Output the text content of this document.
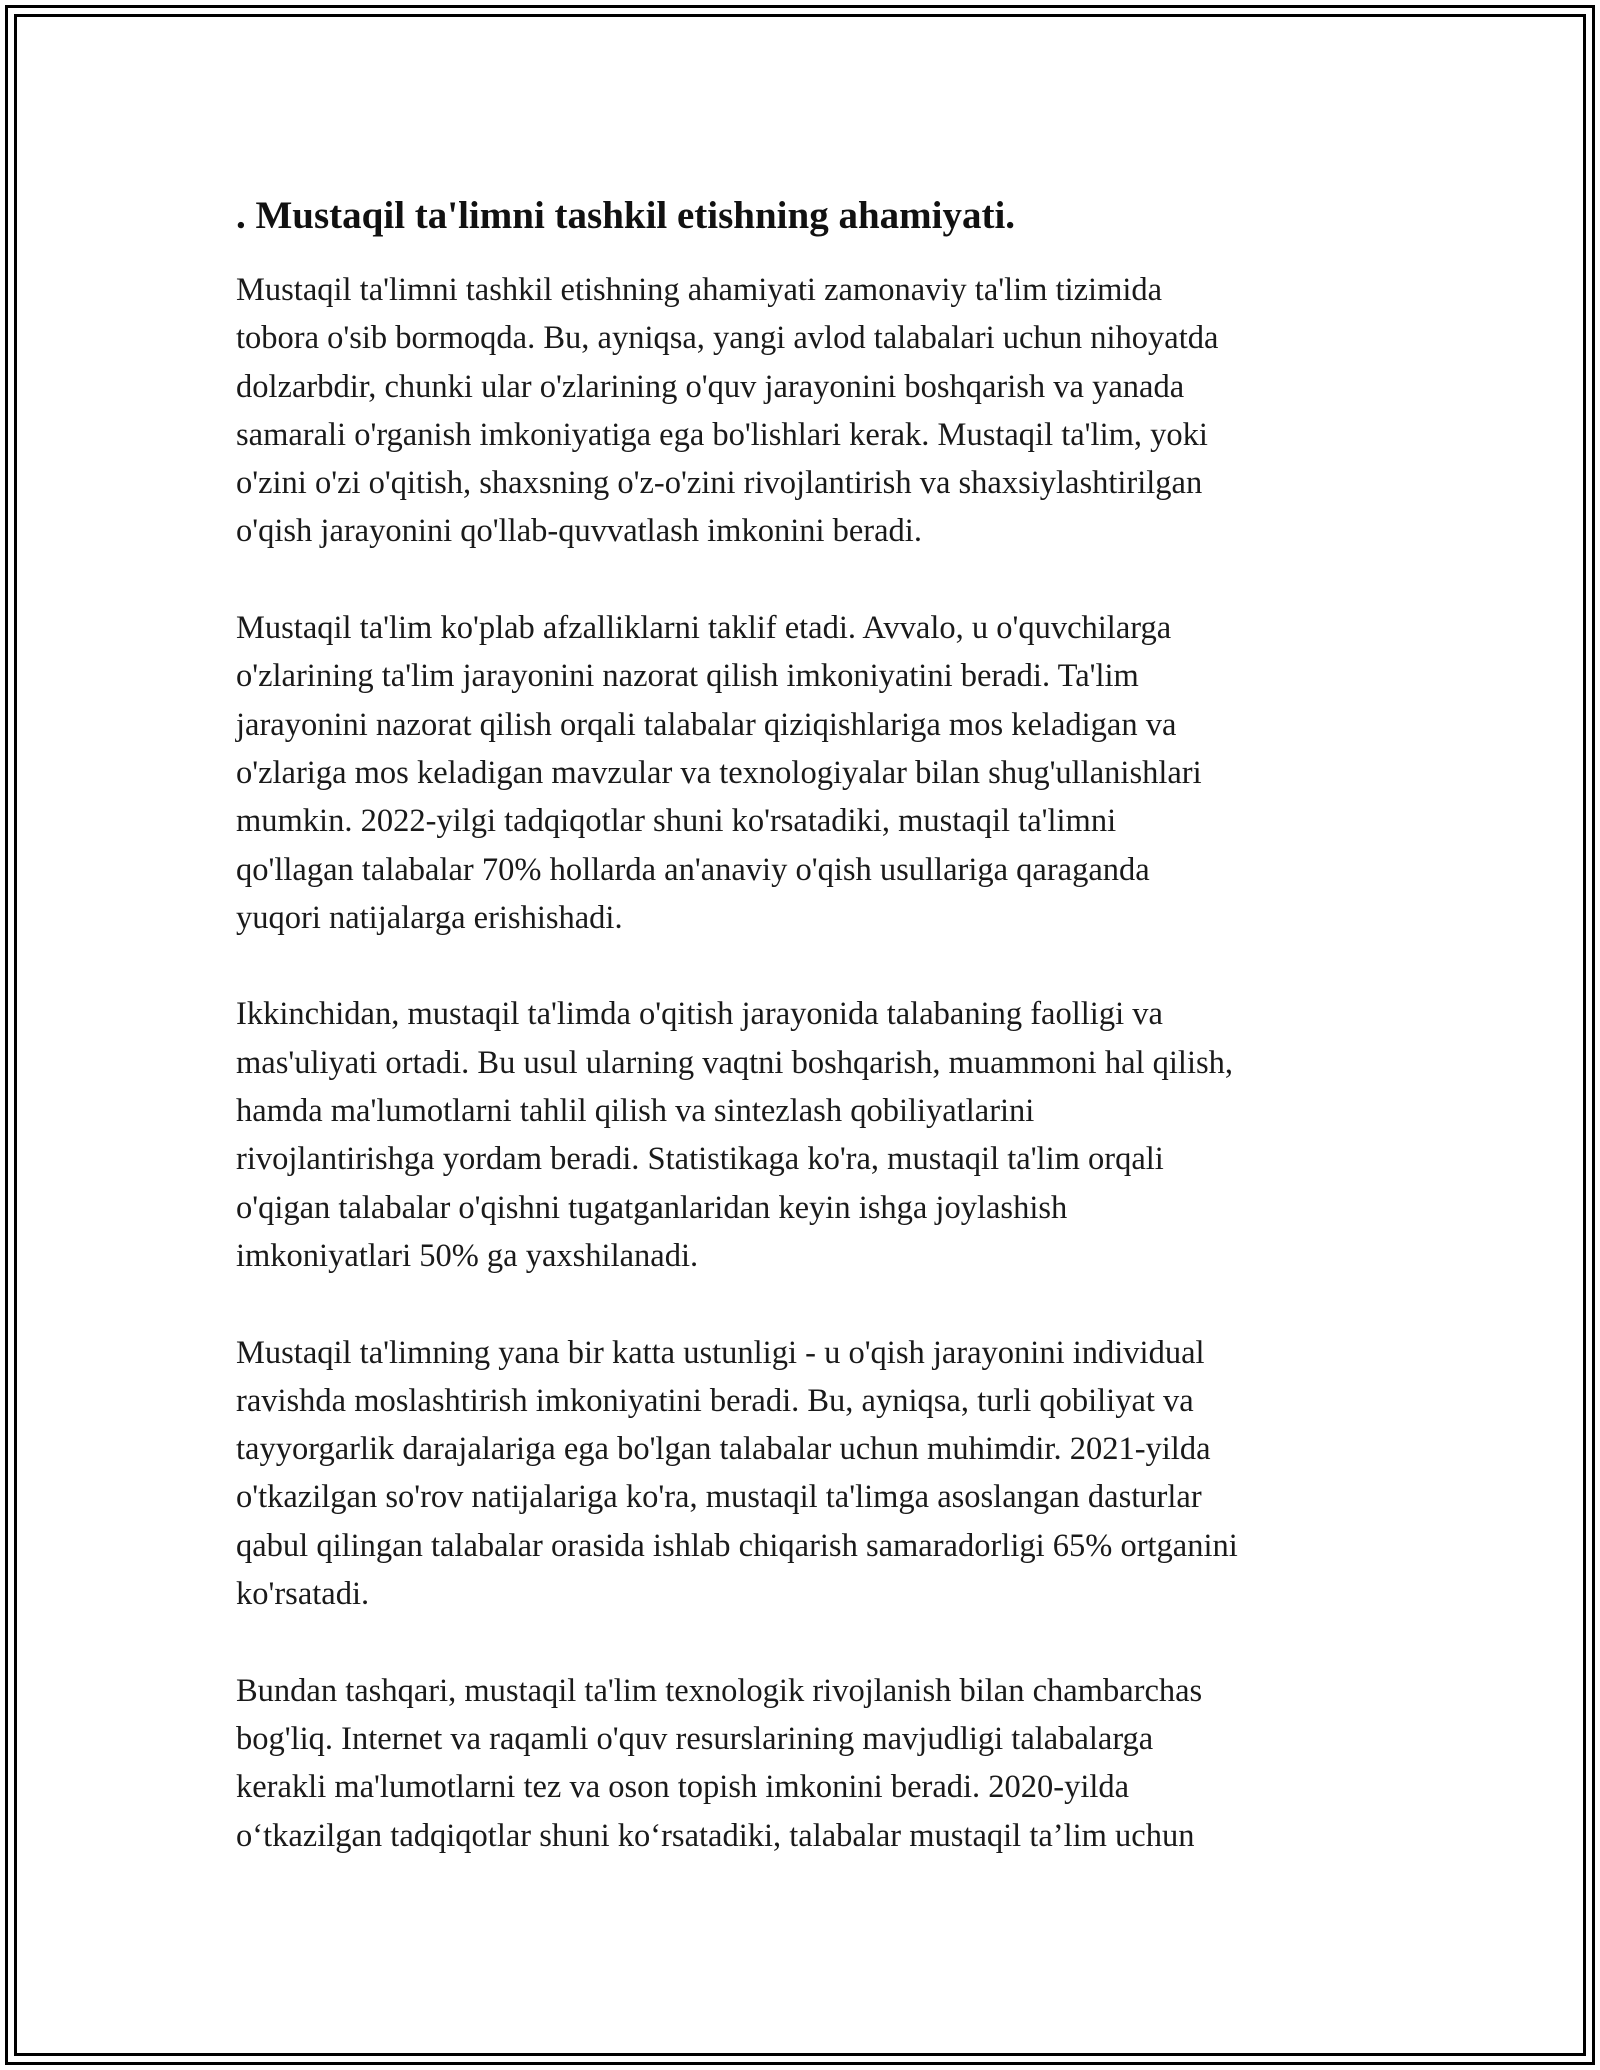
. Mustaqil ta'limni tashkil etishning ahamiyati.
Mustaqil ta'limni tashkil etishning ahamiyati zamonaviy ta'lim tizimida
tobora o'sib bormoqda. Bu, ayniqsa, yangi avlod talabalari uchun nihoyatda
dolzarbdir, chunki ular o'zlarining o'quv jarayonini boshqarish va yanada
samarali o'rganish imkoniyatiga ega bo'lishlari kerak. Mustaqil ta'lim, yoki
o'zini o'zi o'qitish, shaxsning o'z-o'zini rivojlantirish va shaxsiylashtirilgan
o'qish jarayonini qo'llab-quvvatlash imkonini beradi.
Mustaqil ta'lim ko'plab afzalliklarni taklif etadi. Avvalo, u o'quvchilarga
o'zlarining ta'lim jarayonini nazorat qilish imkoniyatini beradi. Ta'lim
jarayonini nazorat qilish orqali talabalar qiziqishlariga mos keladigan va
o'zlariga mos keladigan mavzular va texnologiyalar bilan shug'ullanishlari
mumkin. 2022-yilgi tadqiqotlar shuni ko'rsatadiki, mustaqil ta'limni
qo'llagan talabalar 70% hollarda an'anaviy o'qish usullariga qaraganda
yuqori natijalarga erishishadi.
Ikkinchidan, mustaqil ta'limda o'qitish jarayonida talabaning faolligi va
mas'uliyati ortadi. Bu usul ularning vaqtni boshqarish, muammoni hal qilish,
hamda ma'lumotlarni tahlil qilish va sintezlash qobiliyatlarini
rivojlantirishga yordam beradi. Statistikaga ko'ra, mustaqil ta'lim orqali
o'qigan talabalar o'qishni tugatganlaridan keyin ishga joylashish
imkoniyatlari 50% ga yaxshilanadi.
Mustaqil ta'limning yana bir katta ustunligi - u o'qish jarayonini individual
ravishda moslashtirish imkoniyatini beradi. Bu, ayniqsa, turli qobiliyat va
tayyorgarlik darajalariga ega bo'lgan talabalar uchun muhimdir. 2021-yilda
o'tkazilgan so'rov natijalariga ko'ra, mustaqil ta'limga asoslangan dasturlar
qabul qilingan talabalar orasida ishlab chiqarish samaradorligi 65% ortganini
ko'rsatadi.
Bundan tashqari, mustaqil ta'lim texnologik rivojlanish bilan chambarchas
bog'liq. Internet va raqamli o'quv resurslarining mavjudligi talabalarga
kerakli ma'lumotlarni tez va oson topish imkonini beradi. 2020-yilda
o‘tkazilgan tadqiqotlar shuni ko‘rsatadiki, talabalar mustaqil ta’lim uchun
